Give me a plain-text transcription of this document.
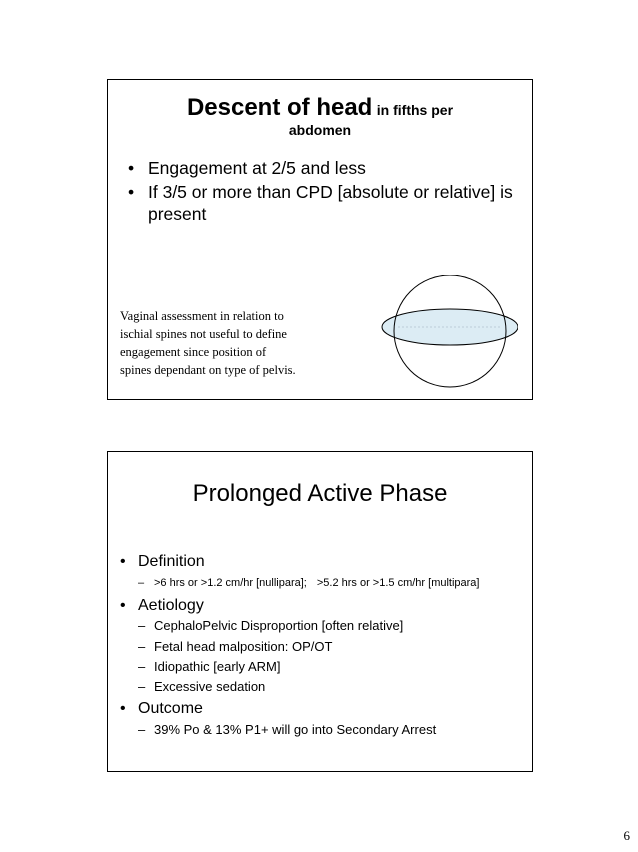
Descent of head in fifths per
abdomen
• Engagement at 2/5 and less
• If 3/5 or more than CPD [absolute or relative] is present
Vaginal assessment in relation to ischial spines not useful to define engagement since position of spines dependant on type of pelvis.
Prolonged Active Phase
• Definition
– >6 hrs or >1.2 cm/hr [nullipara]; >5.2 hrs or >1.5 cm/hr [multipara]
• Aetiology
– CephaloPelvic Disproportion [often relative]
– Fetal head malposition: OP/OT
– Idiopathic [early ARM]
– Excessive sedation
• Outcome
– 39% Po & 13% P1+ will go into Secondary Arrest
6
